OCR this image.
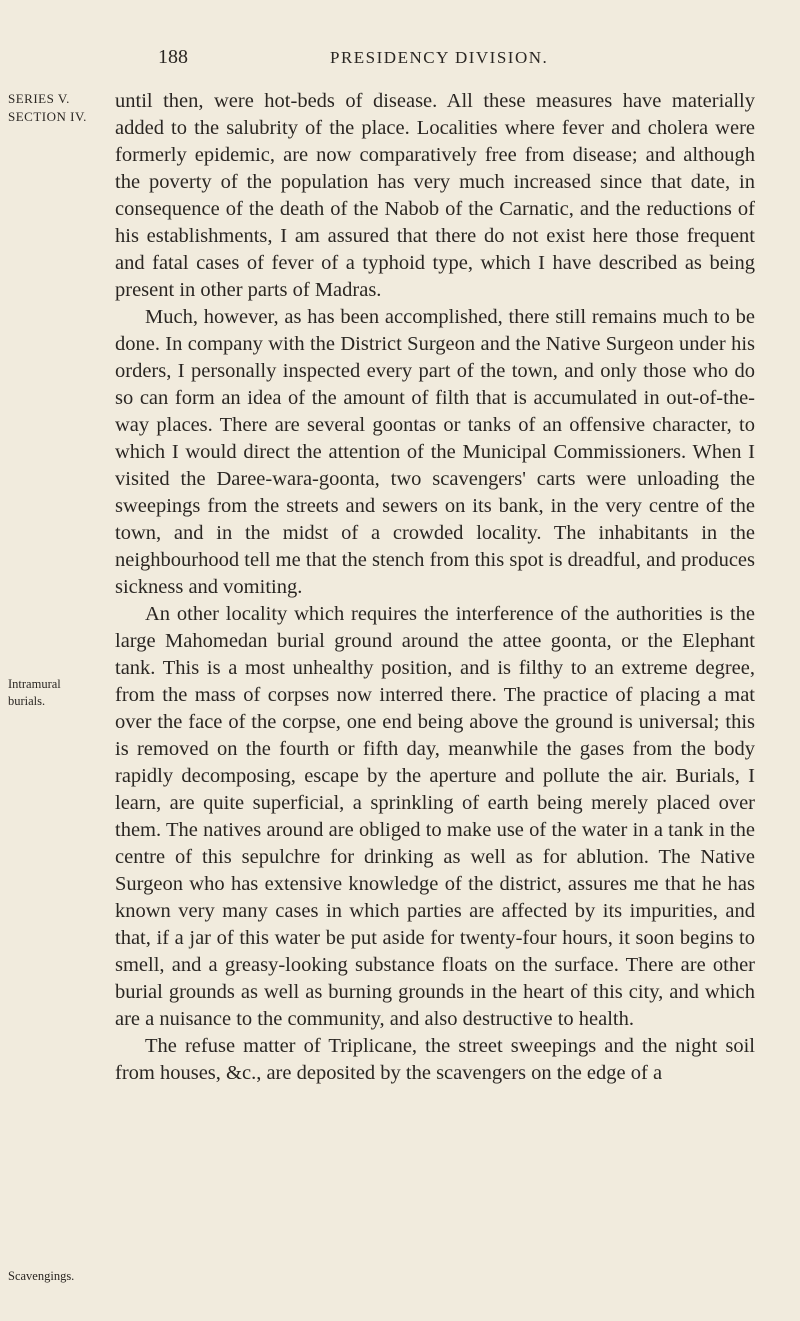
188	PRESIDENCY DIVISION.
SERIES V.
SECTION IV.
Intramural burials.
Scavengings.

until then, were hot-beds of disease. All these measures have materially added to the salubrity of the place. Localities where fever and cholera were formerly epidemic, are now comparatively free from disease; and although the poverty of the population has very much increased since that date, in consequence of the death of the Nabob of the Carnatic, and the reductions of his establishments, I am assured that there do not exist here those frequent and fatal cases of fever of a typhoid type, which I have described as being present in other parts of Madras.

Much, however, as has been accomplished, there still remains much to be done. In company with the District Surgeon and the Native Surgeon under his orders, I personally inspected every part of the town, and only those who do so can form an idea of the amount of filth that is accumulated in out-of-the-way places. There are several goontas or tanks of an offensive character, to which I would direct the attention of the Municipal Commissioners. When I visited the Daree-wara-goonta, two scavengers' carts were unloading the sweepings from the streets and sewers on its bank, in the very centre of the town, and in the midst of a crowded locality. The inhabitants in the neighbourhood tell me that the stench from this spot is dreadful, and produces sickness and vomiting.

An other locality which requires the interference of the authorities is the large Mahomedan burial ground around the attee goonta, or the Elephant tank. This is a most unhealthy position, and is filthy to an extreme degree, from the mass of corpses now interred there. The practice of placing a mat over the face of the corpse, one end being above the ground is universal; this is removed on the fourth or fifth day, meanwhile the gases from the body rapidly decomposing, escape by the aperture and pollute the air. Burials, I learn, are quite superficial, a sprinkling of earth being merely placed over them. The natives around are obliged to make use of the water in a tank in the centre of this sepulchre for drinking as well as for ablution. The Native Surgeon who has extensive knowledge of the district, assures me that he has known very many cases in which parties are affected by its impurities, and that, if a jar of this water be put aside for twenty-four hours, it soon begins to smell, and a greasy-looking substance floats on the surface. There are other burial grounds as well as burning grounds in the heart of this city, and which are a nuisance to the community, and also destructive to health.

The refuse matter of Triplicane, the street sweepings and the night soil from houses, &c., are deposited by the scavengers on the edge of a
